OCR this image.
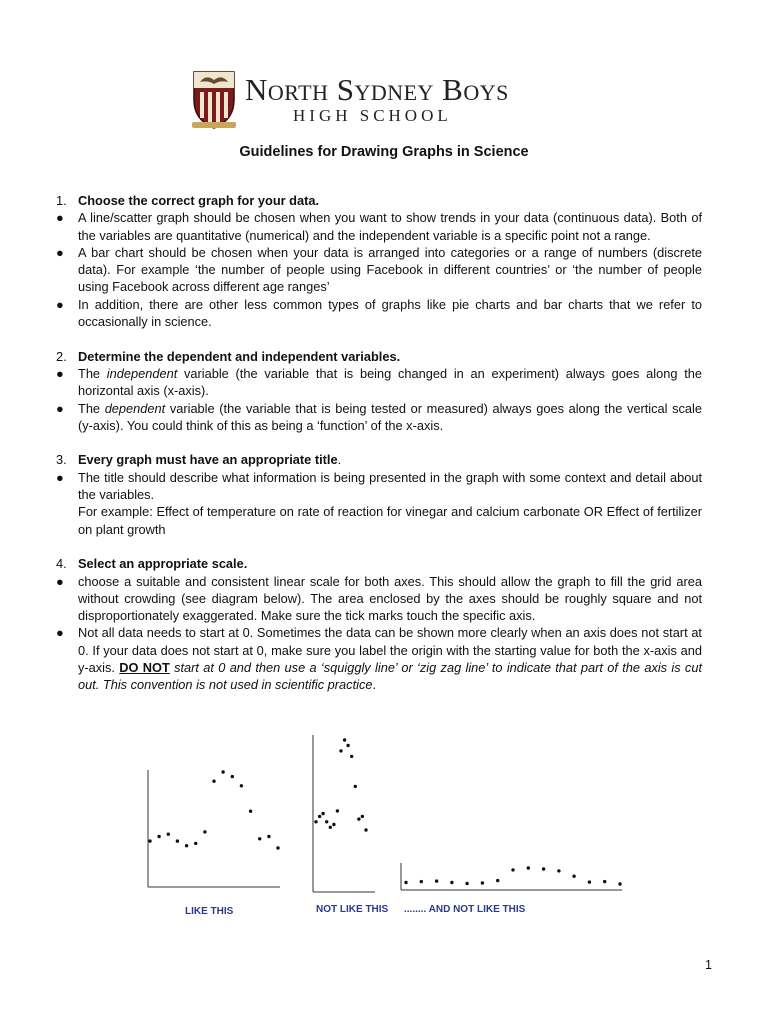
North Sydney Boys
HIGH SCHOOL
Guidelines for Drawing Graphs in Science
1. Choose the correct graph for your data.
●	A line/scatter graph should be chosen when you want to show trends in your data (continuous data). Both of the variables are quantitative (numerical) and the independent variable is a specific point not a range.
●	A bar chart should be chosen when your data is arranged into categories or a range of numbers (discrete data). For example ‘the number of people using Facebook in different countries’ or ‘the number of people using Facebook across different age ranges’
●	In addition, there are other less common types of graphs like pie charts and bar charts that we refer to occasionally in science.
2. Determine the dependent and independent variables.
●	The independent variable (the variable that is being changed in an experiment) always goes along the horizontal axis (x-axis).
●	The dependent variable (the variable that is being tested or measured) always goes along the vertical scale (y-axis). You could think of this as being a ‘function’ of the x-axis.
3. Every graph must have an appropriate title.
●	The title should describe what information is being presented in the graph with some context and detail about the variables.
For example: Effect of temperature on rate of reaction for vinegar and calcium carbonate OR Effect of fertilizer on plant growth
4. Select an appropriate scale.
●	choose a suitable and consistent linear scale for both axes. This should allow the graph to fill the grid area without crowding (see diagram below). The area enclosed by the axes should be roughly square and not disproportionately exaggerated. Make sure the tick marks touch the specific axis.
●	Not all data needs to start at 0. Sometimes the data can be shown more clearly when an axis does not start at 0. If your data does not start at 0, make sure you label the origin with the starting value for both the x-axis and y-axis. DO NOT start at 0 and then use a ‘squiggly line’ or ‘zig zag line’ to indicate that part of the axis is cut out. This convention is not used in scientific practice.
LIKE THIS	NOT LIKE THIS ........ AND NOT LIKE THIS
1
